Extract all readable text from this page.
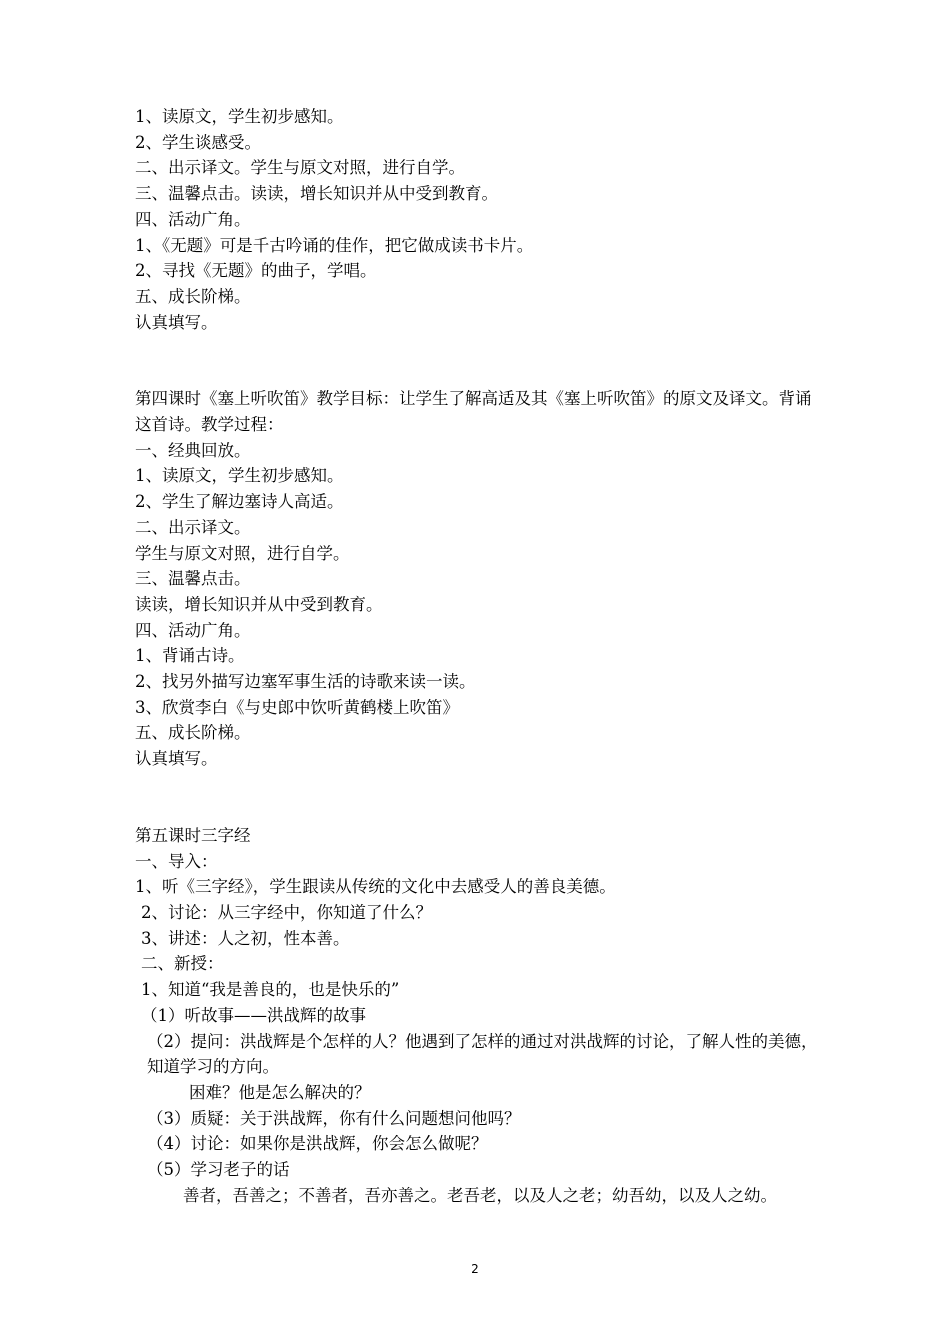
1、读原文，学生初步感知。
2、学生谈感受。
二、出示译文。学生与原文对照，进行自学。
三、温馨点击。读读，增长知识并从中受到教育。
四、活动广角。
1、《无题》可是千古吟诵的佳作，把它做成读书卡片。
2、寻找《无题》的曲子，学唱。
五、成长阶梯。
认真填写。
第四课时《塞上听吹笛》教学目标：让学生了解高适及其《塞上听吹笛》的原文及译文。背诵这首诗。教学过程：
一、经典回放。
1、读原文，学生初步感知。
2、学生了解边塞诗人高适。
二、出示译文。
学生与原文对照，进行自学。
三、温馨点击。
读读，增长知识并从中受到教育。
四、活动广角。
1、背诵古诗。
2、找另外描写边塞军事生活的诗歌来读一读。
3、欣赏李白《与史郎中饮听黄鹤楼上吹笛》
五、成长阶梯。
认真填写。
第五课时三字经
一、导入：
1、听《三字经》，学生跟读从传统的文化中去感受人的善良美德。
2、讨论：从三字经中，你知道了什么？
3、讲述：人之初，性本善。
二、新授：
1、知道“我是善良的，也是快乐的”
（1）听故事——洪战辉的故事
（2）提问：洪战辉是个怎样的人？他遇到了怎样的通过对洪战辉的讨论，了解人性的美德，知道学习的方向。
困难？他是怎么解决的？
（3）质疑：关于洪战辉，你有什么问题想问他吗？
（4）讨论：如果你是洪战辉，你会怎么做呢？
（5）学习老子的话
善者，吾善之；不善者，吾亦善之。老吾老，以及人之老；幼吾幼，以及人之幼。
2
